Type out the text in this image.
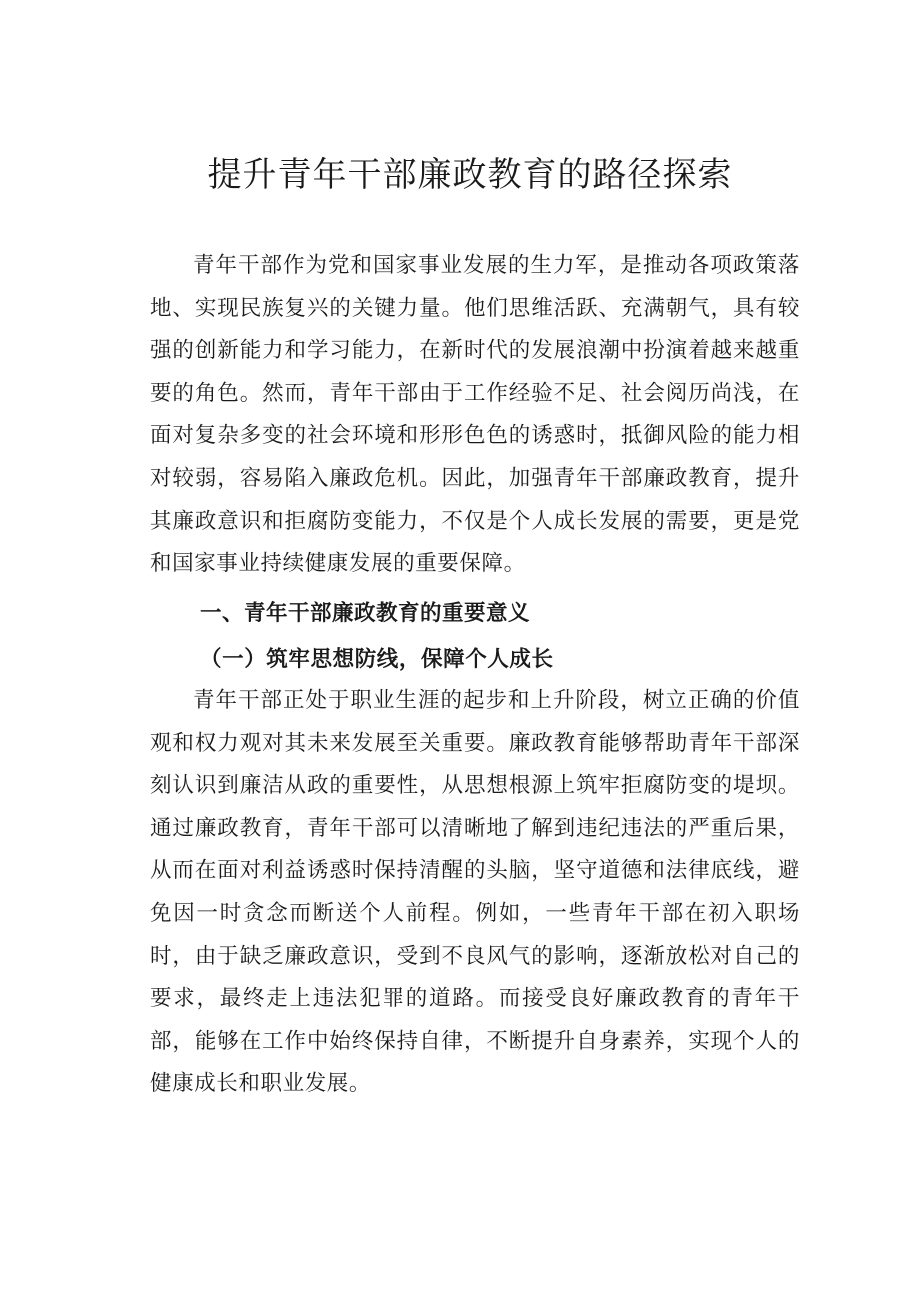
提升青年干部廉政教育的路径探索

青年干部作为党和国家事业发展的生力军，是推动各项政策落地、实现民族复兴的关键力量。他们思维活跃、充满朝气，具有较强的创新能力和学习能力，在新时代的发展浪潮中扮演着越来越重要的角色。然而，青年干部由于工作经验不足、社会阅历尚浅，在面对复杂多变的社会环境和形形色色的诱惑时，抵御风险的能力相对较弱，容易陷入廉政危机。因此，加强青年干部廉政教育，提升其廉政意识和拒腐防变能力，不仅是个人成长发展的需要，更是党和国家事业持续健康发展的重要保障。

一、青年干部廉政教育的重要意义
（一）筑牢思想防线，保障个人成长

青年干部正处于职业生涯的起步和上升阶段，树立正确的价值观和权力观对其未来发展至关重要。廉政教育能够帮助青年干部深刻认识到廉洁从政的重要性，从思想根源上筑牢拒腐防变的堤坝。通过廉政教育，青年干部可以清晰地了解到违纪违法的严重后果，从而在面对利益诱惑时保持清醒的头脑，坚守道德和法律底线，避免因一时贪念而断送个人前程。例如，一些青年干部在初入职场时，由于缺乏廉政意识，受到不良风气的影响，逐渐放松对自己的要求，最终走上违法犯罪的道路。而接受良好廉政教育的青年干部，能够在工作中始终保持自律，不断提升自身素养，实现个人的健康成长和职业发展。
